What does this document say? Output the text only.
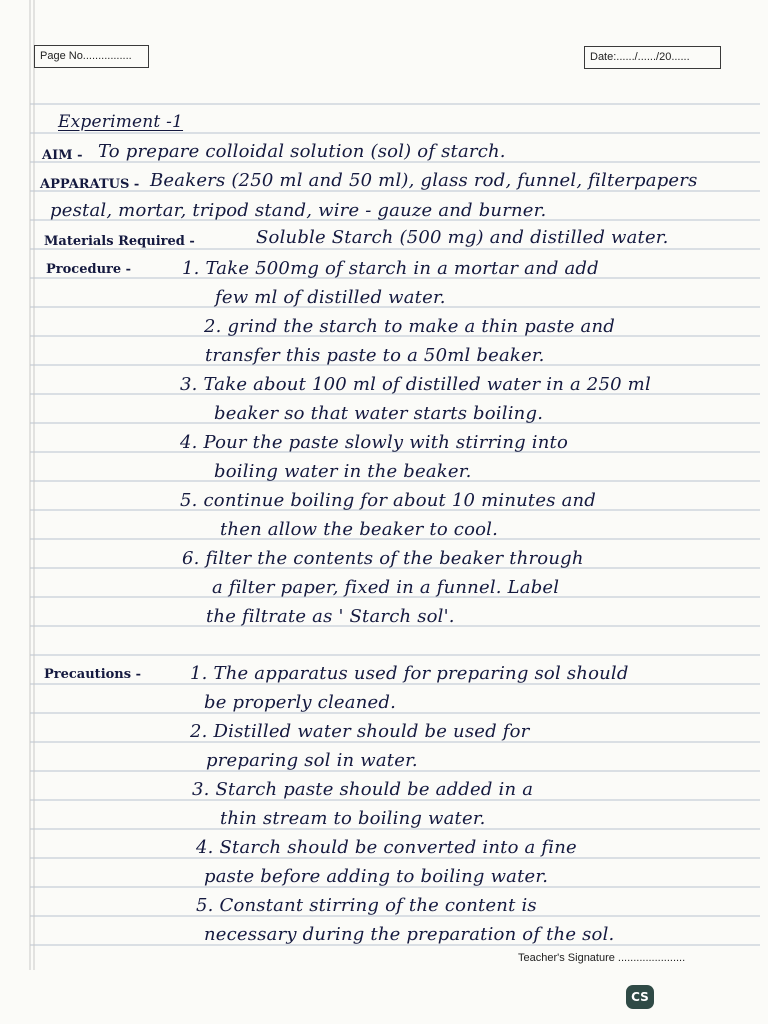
Page No................	Date:....../....../20......
Experiment -1
AIM - To prepare colloidal solution (sol) of starch.
APPARATUS - Beakers (250 ml and 50 ml), glass rod, funnel, filterpapers
pestal, mortar, tripod stand, wire - gauze and burner.
Materials Required -	Soluble Starch (500 mg) and distilled water.
Procedure -	1. Take 500mg of starch in a mortar and add
few ml of distilled water.
2. grind the starch to make a thin paste and
transfer this paste to a 50ml beaker.
3. Take about 100 ml of distilled water in a 250 ml
beaker so that water starts boiling.
4. Pour the paste slowly with stirring into
boiling water in the beaker.
5. continue boiling for about 10 minutes and
then allow the beaker to cool.
6. filter the contents of the beaker through
a filter paper, fixed in a funnel. Label
the filtrate as ' Starch sol'.
Precautions -	1. The apparatus used for preparing sol should
be properly cleaned.
2. Distilled water should be used for
preparing sol in water.
3. Starch paste should be added in a
thin stream to boiling water.
4. Starch should be converted into a fine
paste before adding to boiling water.
5. Constant stirring of the content is
necessary during the preparation of the sol.
Teacher's Signature ......................
CS
